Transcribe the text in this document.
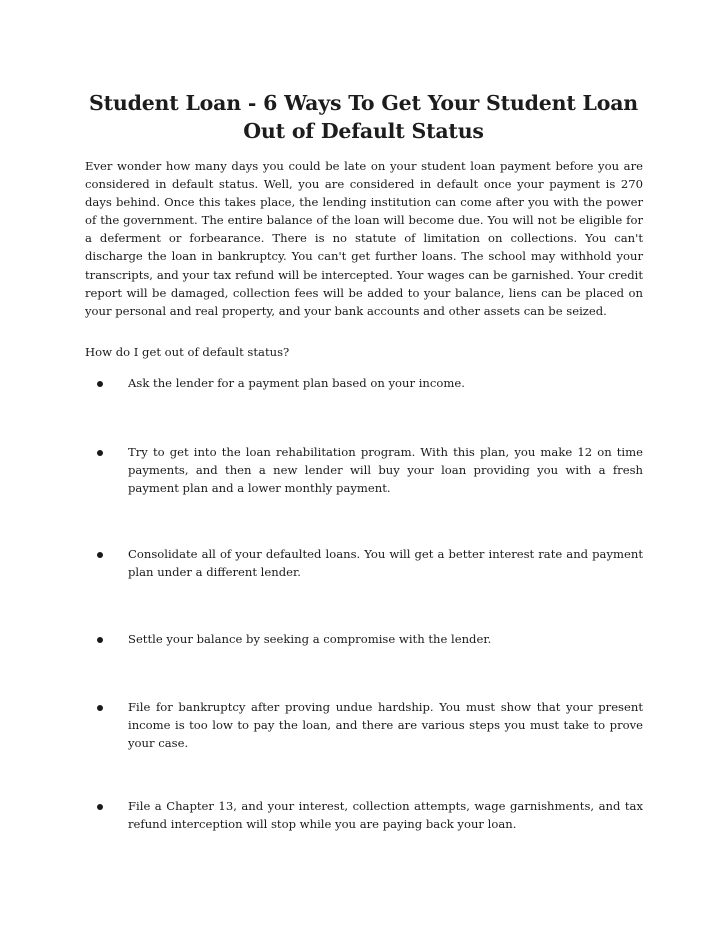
Student Loan - 6 Ways To Get Your Student Loan Out of Default Status

Ever wonder how many days you could be late on your student loan payment before you are considered in default status. Well, you are considered in default once your payment is 270 days behind. Once this takes place, the lending institution can come after you with the power of the government. The entire balance of the loan will become due. You will not be eligible for a deferment or forbearance. There is no statute of limitation on collections. You can't discharge the loan in bankruptcy. You can't get further loans. The school may withhold your transcripts, and your tax refund will be intercepted. Your wages can be garnished. Your credit report will be damaged, collection fees will be added to your balance, liens can be placed on your personal and real property, and your bank accounts and other assets can be seized.

How do I get out of default status?

Ask the lender for a payment plan based on your income.

Try to get into the loan rehabilitation program. With this plan, you make 12 on time payments, and then a new lender will buy your loan providing you with a fresh payment plan and a lower monthly payment.

Consolidate all of your defaulted loans. You will get a better interest rate and payment plan under a different lender.

Settle your balance by seeking a compromise with the lender.

File for bankruptcy after proving undue hardship. You must show that your present income is too low to pay the loan, and there are various steps you must take to prove your case.

File a Chapter 13, and your interest, collection attempts, wage garnishments, and tax refund interception will stop while you are paying back your loan.
